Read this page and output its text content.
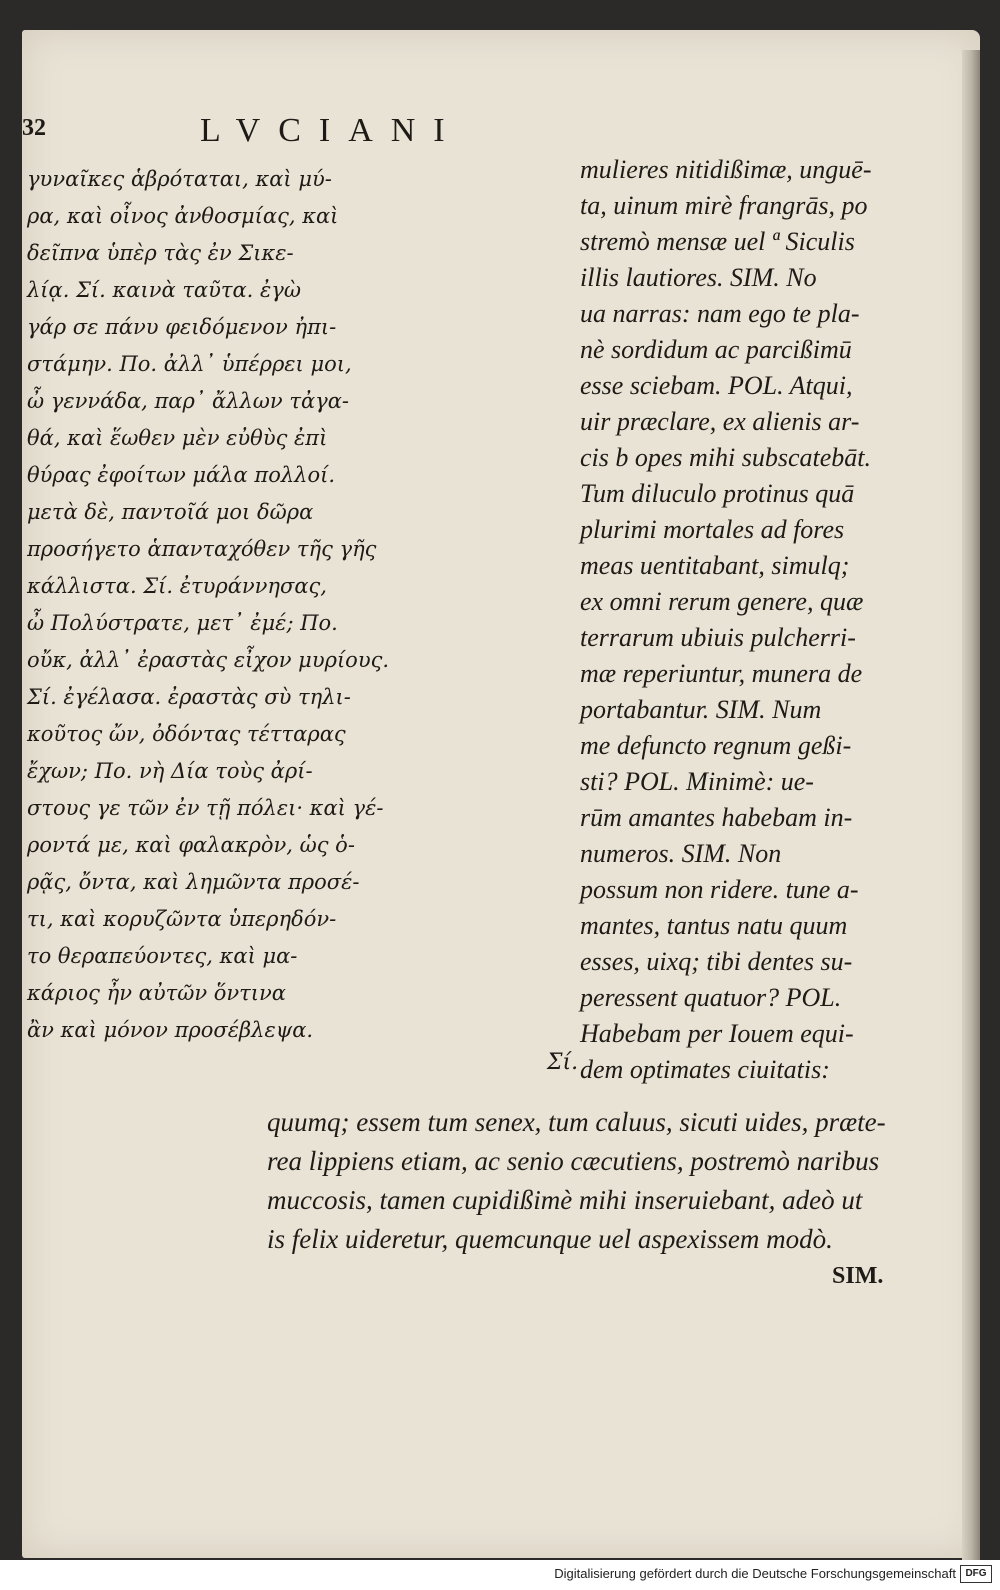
32	LVCIANI
γυναῖκες ἁβρόταται, καὶ μύ-
ρα, καὶ οἶνος ἀνθοσμίας, καὶ
δεῖπνα ὑπὲρ τὰς ἐν Σικε-
λίᾳ. Σί. καινὰ ταῦτα. ἐγὼ
γάρ σε πάνυ φειδόμενον ἠπι-
στάμην. Πο. ἀλλ᾽ ὑπέρρει μοι,
ὦ γεννάδα, παρ᾽ ἄλλων τἀγα-
θά, καὶ ἕωθεν μὲν εὐθὺς ἐπὶ
θύρας ἐφοίτων μάλα πολλοί.
μετὰ δὲ, παντοῖά μοι δῶρα
προσήγετο ἁπανταχόθεν τῆς γῆς
κάλλιστα. Σί. ἐτυράννησας,
ὦ Πολύστρατε, μετ᾽ ἐμέ; Πο.
οὔκ, ἀλλ᾽ ἐραστὰς εἶχον μυρίους.
Σί. ἐγέλασα. ἐραστὰς σὺ τηλι-
κοῦτος ὤν, ὀδόντας τέτταρας
ἔχων; Πο. νὴ Δία τοὺς ἀρί-
στους γε τῶν ἐν τῇ πόλει· καὶ γέ-
ροντά με, καὶ φαλακρὸν, ὡς ὁ-
ρᾷς, ὄντα, καὶ λημῶντα προσέ-
τι, καὶ κορυζῶντα ὑπερηδόν-
το θεραπεύοντες, καὶ μα-
κάριος ἦν αὐτῶν ὅντινα
ἂν καὶ μόνον προσέβλεψα.
Σί.
mulieres nitidißimæ, unguē-
ta, uinum mirè frangrās, po
stremò mensæ uel ª Siculis
illis lautiores. SIM. No
ua narras: nam ego te pla-
nè sordidum ac parcißimū
esse sciebam. POL. Atqui,
uir præclare, ex alienis ar-
cis b opes mihi subscatebāt.
Tum diluculo protinus quā
plurimi mortales ad fores
meas uentitabant, simulq;
ex omni rerum genere, quæ
terrarum ubiuis pulcherri-
mæ reperiuntur, munera de
portabantur. SIM. Num
me defuncto regnum geßi-
sti? POL. Minimè: ue-
rūm amantes habebam in-
numeros. SIM. Non
possum non ridere. tune a-
mantes, tantus natu quum
esses, uixq; tibi dentes su-
peressent quatuor? POL.
Habebam per Iouem equi-
dem optimates ciuitatis:
quumq; essem tum senex, tum caluus, sicuti uides, præte-
rea lippiens etiam, ac senio cæcutiens, postremò naribus
muccosis, tamen cupidißimè mihi inseruiebant, adeò ut
is felix uideretur, quemcunque uel aspexissem modò.
SIM.
Digitalisierung gefördert durch die Deutsche Forschungsgemeinschaft DFG
